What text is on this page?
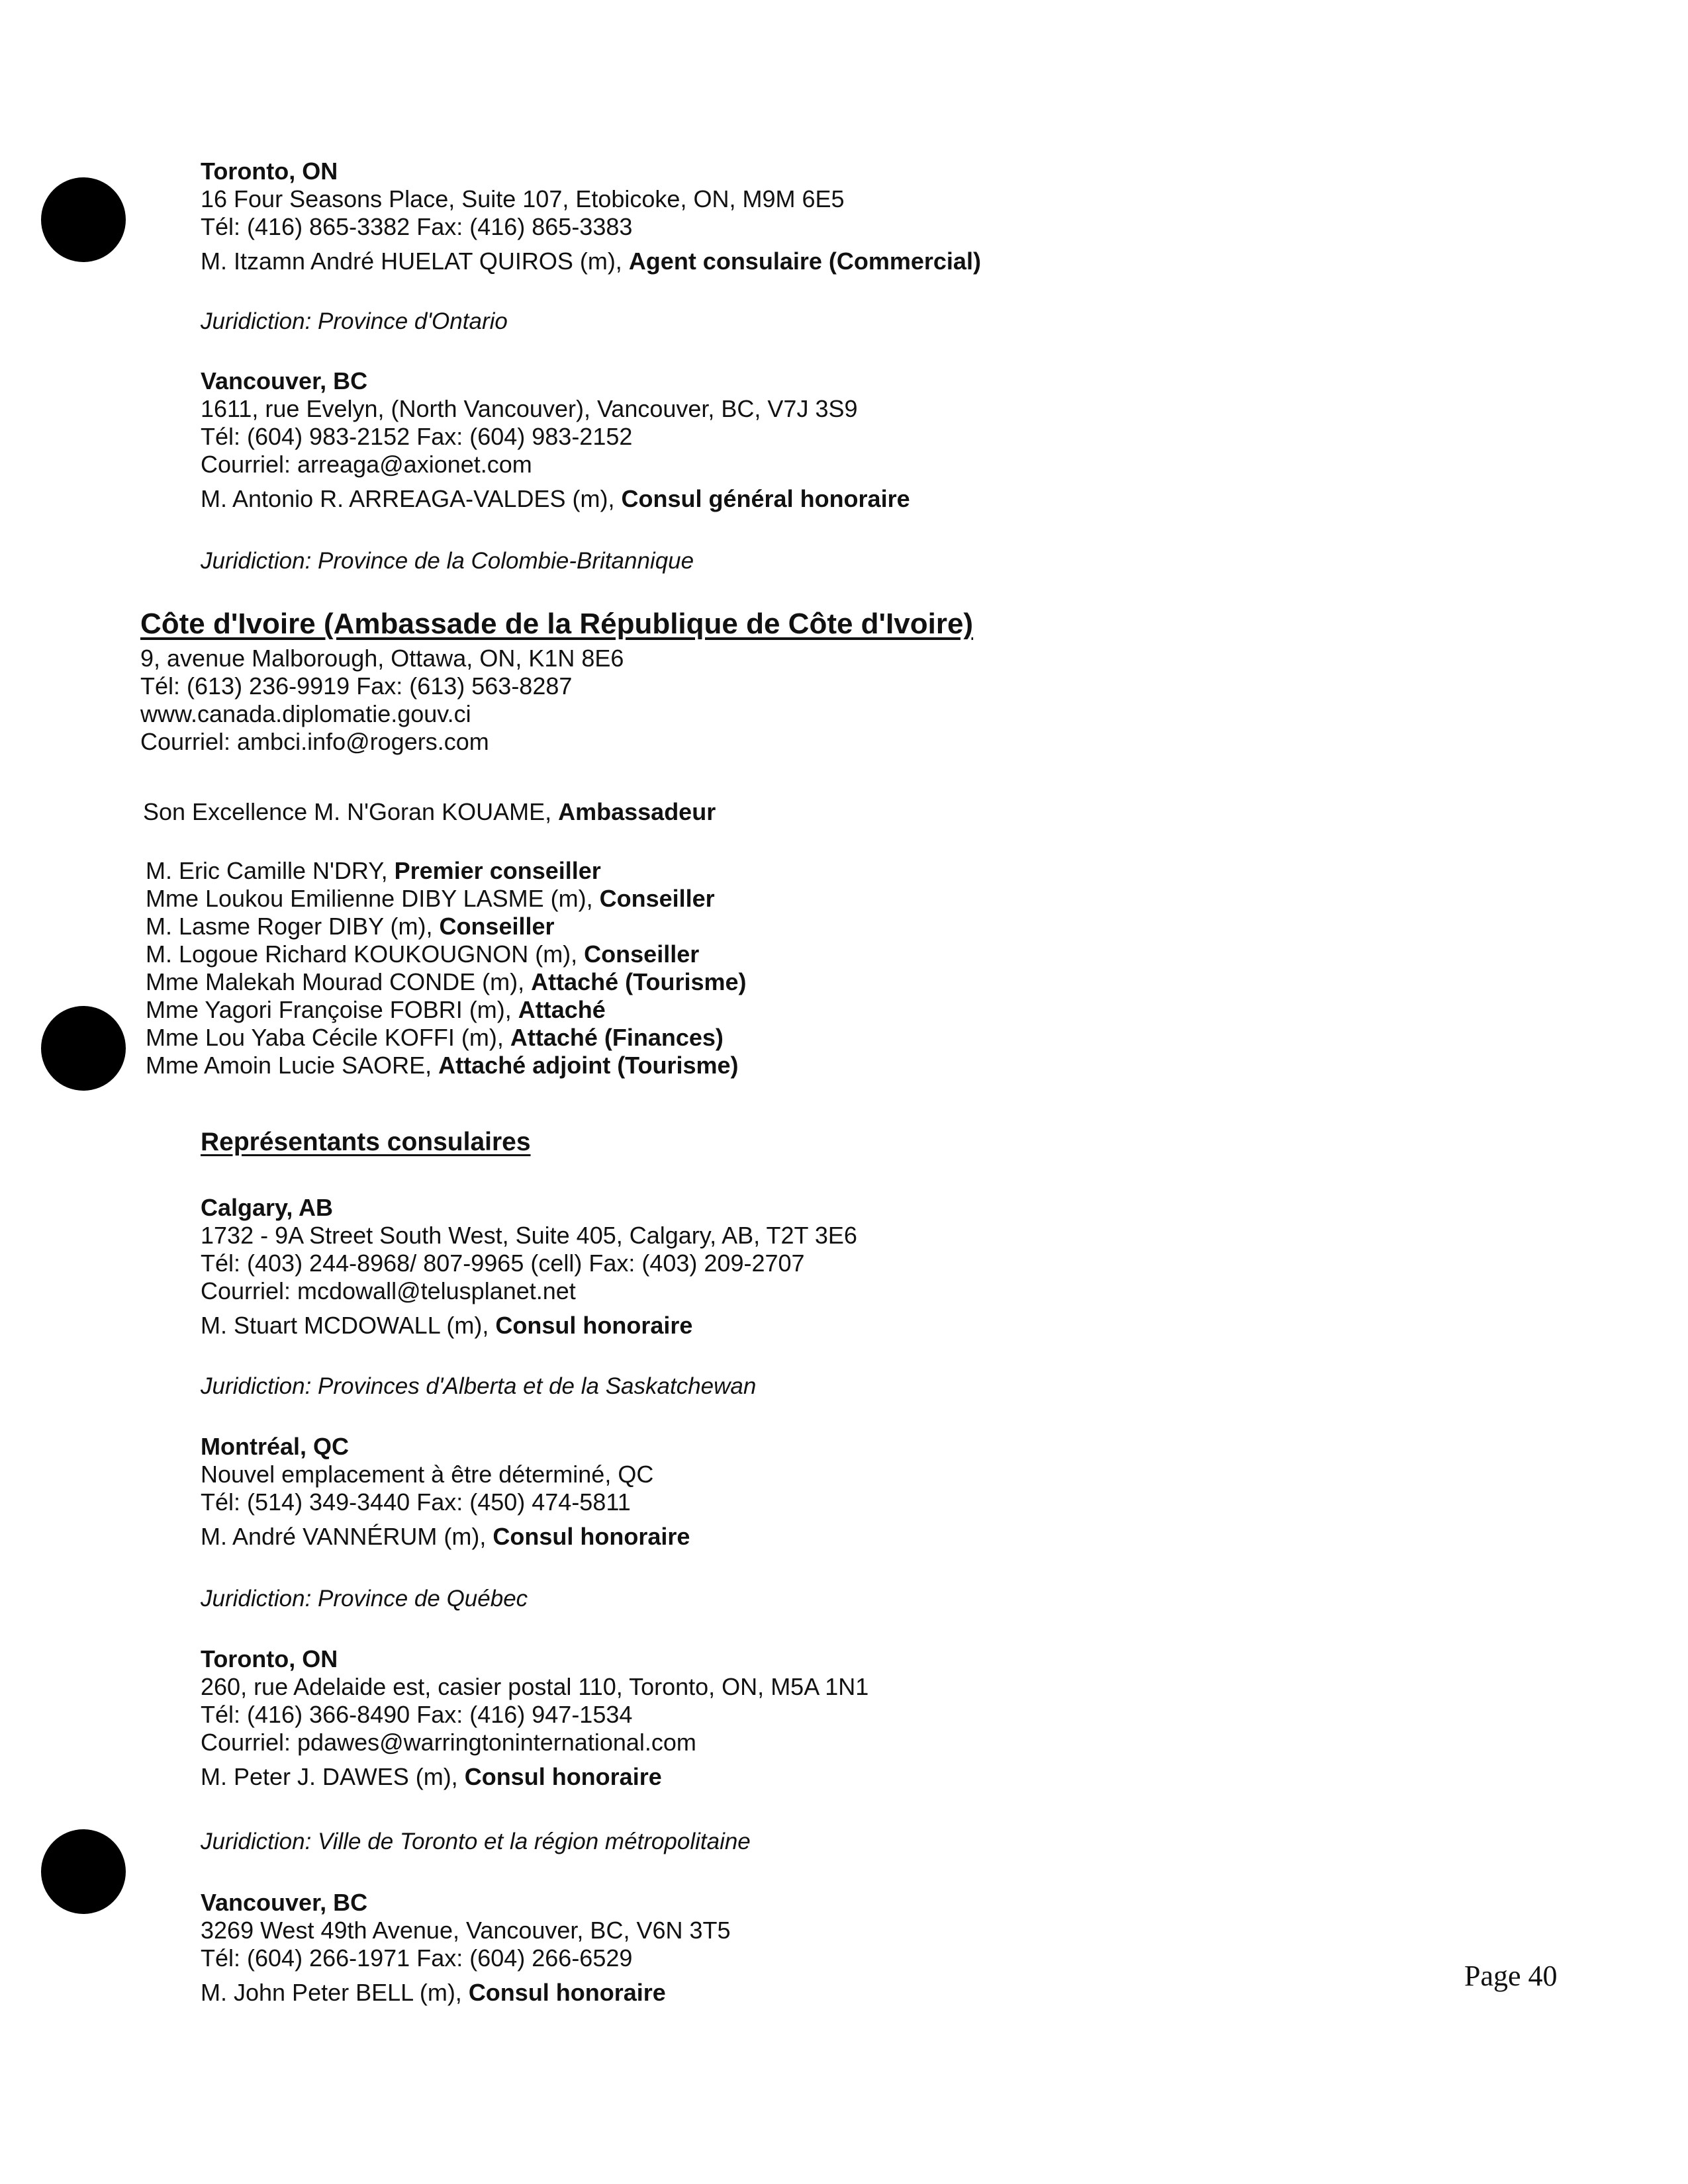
Toronto, ON
16 Four Seasons Place, Suite 107, Etobicoke, ON, M9M 6E5
Tél: (416) 865-3382 Fax: (416) 865-3383
M. Itzamn André HUELAT QUIROS (m), Agent consulaire (Commercial)
Juridiction: Province d'Ontario
Vancouver, BC
1611, rue Evelyn, (North Vancouver), Vancouver, BC, V7J 3S9
Tél: (604) 983-2152 Fax: (604) 983-2152
Courriel: arreaga@axionet.com
M. Antonio R. ARREAGA-VALDES (m), Consul général honoraire
Juridiction: Province de la Colombie-Britannique
Côte d'Ivoire (Ambassade de la République de Côte d'Ivoire)
9, avenue Malborough, Ottawa, ON, K1N 8E6
Tél: (613) 236-9919 Fax: (613) 563-8287
www.canada.diplomatie.gouv.ci
Courriel: ambci.info@rogers.com
Son Excellence M. N'Goran KOUAME, Ambassadeur
M. Eric Camille N'DRY, Premier conseiller
Mme Loukou Emilienne DIBY LASME (m), Conseiller
M. Lasme Roger DIBY (m), Conseiller
M. Logoue Richard KOUKOUGNON (m), Conseiller
Mme Malekah Mourad CONDE (m), Attaché (Tourisme)
Mme Yagori Françoise FOBRI (m), Attaché
Mme Lou Yaba Cécile KOFFI (m), Attaché (Finances)
Mme Amoin Lucie SAORE, Attaché adjoint (Tourisme)
Représentants consulaires
Calgary, AB
1732 - 9A Street South West, Suite 405, Calgary, AB, T2T 3E6
Tél: (403) 244-8968/ 807-9965 (cell) Fax: (403) 209-2707
Courriel: mcdowall@telusplanet.net
M. Stuart MCDOWALL (m), Consul honoraire
Juridiction: Provinces d'Alberta et de la Saskatchewan
Montréal, QC
Nouvel emplacement à être déterminé, QC
Tél: (514) 349-3440 Fax: (450) 474-5811
M. André VANNÉRUM (m), Consul honoraire
Juridiction: Province de Québec
Toronto, ON
260, rue Adelaide est, casier postal 110, Toronto, ON, M5A 1N1
Tél: (416) 366-8490 Fax: (416) 947-1534
Courriel: pdawes@warringtoninternational.com
M. Peter J. DAWES (m), Consul honoraire
Juridiction: Ville de Toronto et la région métropolitaine
Vancouver, BC
3269 West 49th Avenue, Vancouver, BC, V6N 3T5
Tél: (604) 266-1971 Fax: (604) 266-6529
M. John Peter BELL (m), Consul honoraire
Page 40
